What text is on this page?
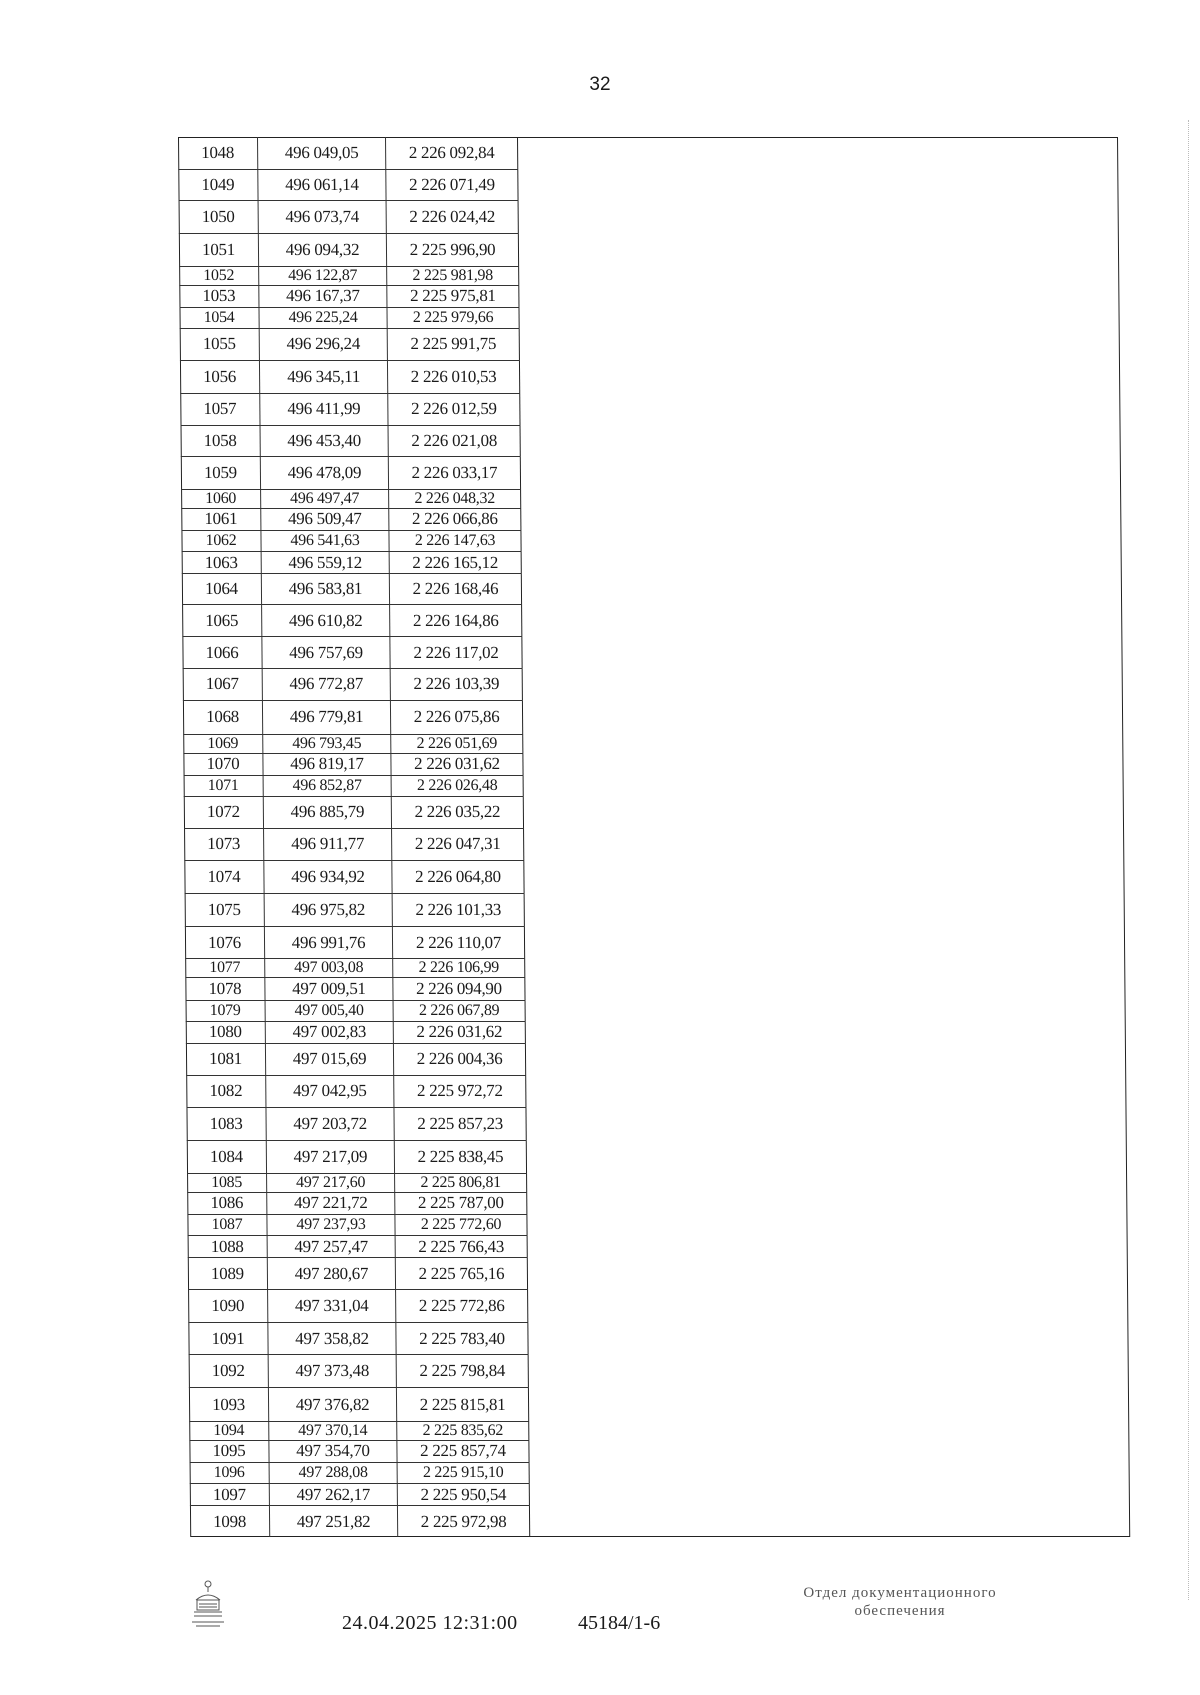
32
1048	496 049,05	2 226 092,84
1049	496 061,14	2 226 071,49
1050	496 073,74	2 226 024,42
1051	496 094,32	2 225 996,90
1052	496 122,87	2 225 981,98
1053	496 167,37	2 225 975,81
1054	496 225,24	2 225 979,66
1055	496 296,24	2 225 991,75
1056	496 345,11	2 226 010,53
1057	496 411,99	2 226 012,59
1058	496 453,40	2 226 021,08
1059	496 478,09	2 226 033,17
1060	496 497,47	2 226 048,32
1061	496 509,47	2 226 066,86
1062	496 541,63	2 226 147,63
1063	496 559,12	2 226 165,12
1064	496 583,81	2 226 168,46
1065	496 610,82	2 226 164,86
1066	496 757,69	2 226 117,02
1067	496 772,87	2 226 103,39
1068	496 779,81	2 226 075,86
1069	496 793,45	2 226 051,69
1070	496 819,17	2 226 031,62
1071	496 852,87	2 226 026,48
1072	496 885,79	2 226 035,22
1073	496 911,77	2 226 047,31
1074	496 934,92	2 226 064,80
1075	496 975,82	2 226 101,33
1076	496 991,76	2 226 110,07
1077	497 003,08	2 226 106,99
1078	497 009,51	2 226 094,90
1079	497 005,40	2 226 067,89
1080	497 002,83	2 226 031,62
1081	497 015,69	2 226 004,36
1082	497 042,95	2 225 972,72
1083	497 203,72	2 225 857,23
1084	497 217,09	2 225 838,45
1085	497 217,60	2 225 806,81
1086	497 221,72	2 225 787,00
1087	497 237,93	2 225 772,60
1088	497 257,47	2 225 766,43
1089	497 280,67	2 225 765,16
1090	497 331,04	2 225 772,86
1091	497 358,82	2 225 783,40
1092	497 373,48	2 225 798,84
1093	497 376,82	2 225 815,81
1094	497 370,14	2 225 835,62
1095	497 354,70	2 225 857,74
1096	497 288,08	2 225 915,10
1097	497 262,17	2 225 950,54
1098	497 251,82	2 225 972,98
24.04.2025 12:31:00	45184/1-6
Отдел документационного
обеспечения
